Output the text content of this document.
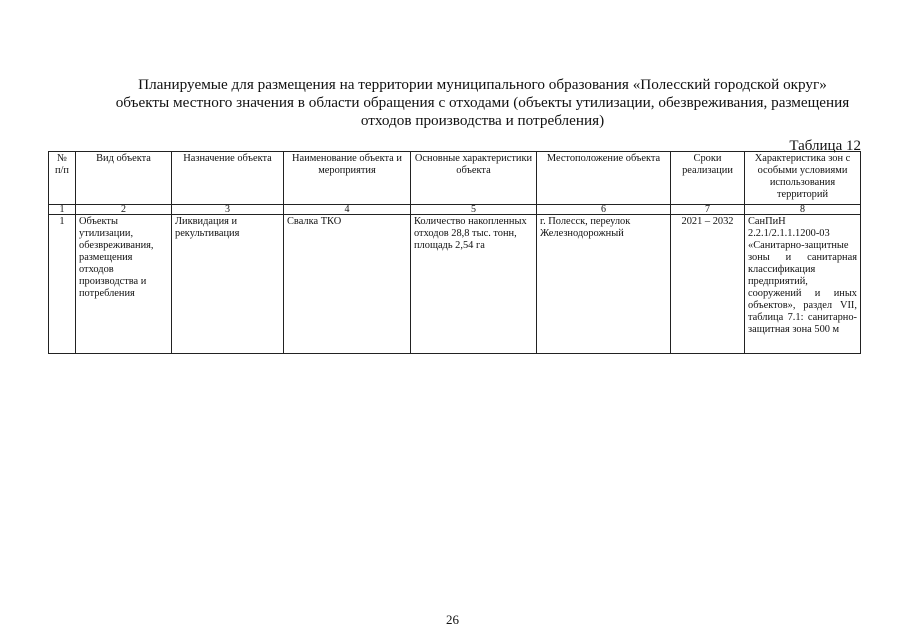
Планируемые для размещения на территории муниципального образования «Полесский городской округ»
объекты местного значения в области обращения с отходами (объекты утилизации, обезвреживания, размещения
отходов производства и потребления)
Таблица 12
№ п/п	Вид объекта	Назначение объекта	Наименование объекта и мероприятия	Основные характеристики объекта	Местоположение объекта	Сроки реализации	Характеристика зон с особыми условиями использования территорий
1	2	3	4	5	6	7	8
1	Объекты утилизации, обезвреживания, размещения отходов производства и потребления	Ликвидация и рекультивация	Свалка ТКО	Количество накопленных отходов 28,8 тыс. тонн, площадь 2,54 га	г. Полесск, переулок Железнодорожный	2021 – 2032	СанПиН 2.2.1/2.1.1.1200-03 «Санитарно-защитные зоны и санитарная классификация предприятий, сооружений и иных объектов», раздел VII, таблица 7.1: санитарно-защитная зона 500 м
26
